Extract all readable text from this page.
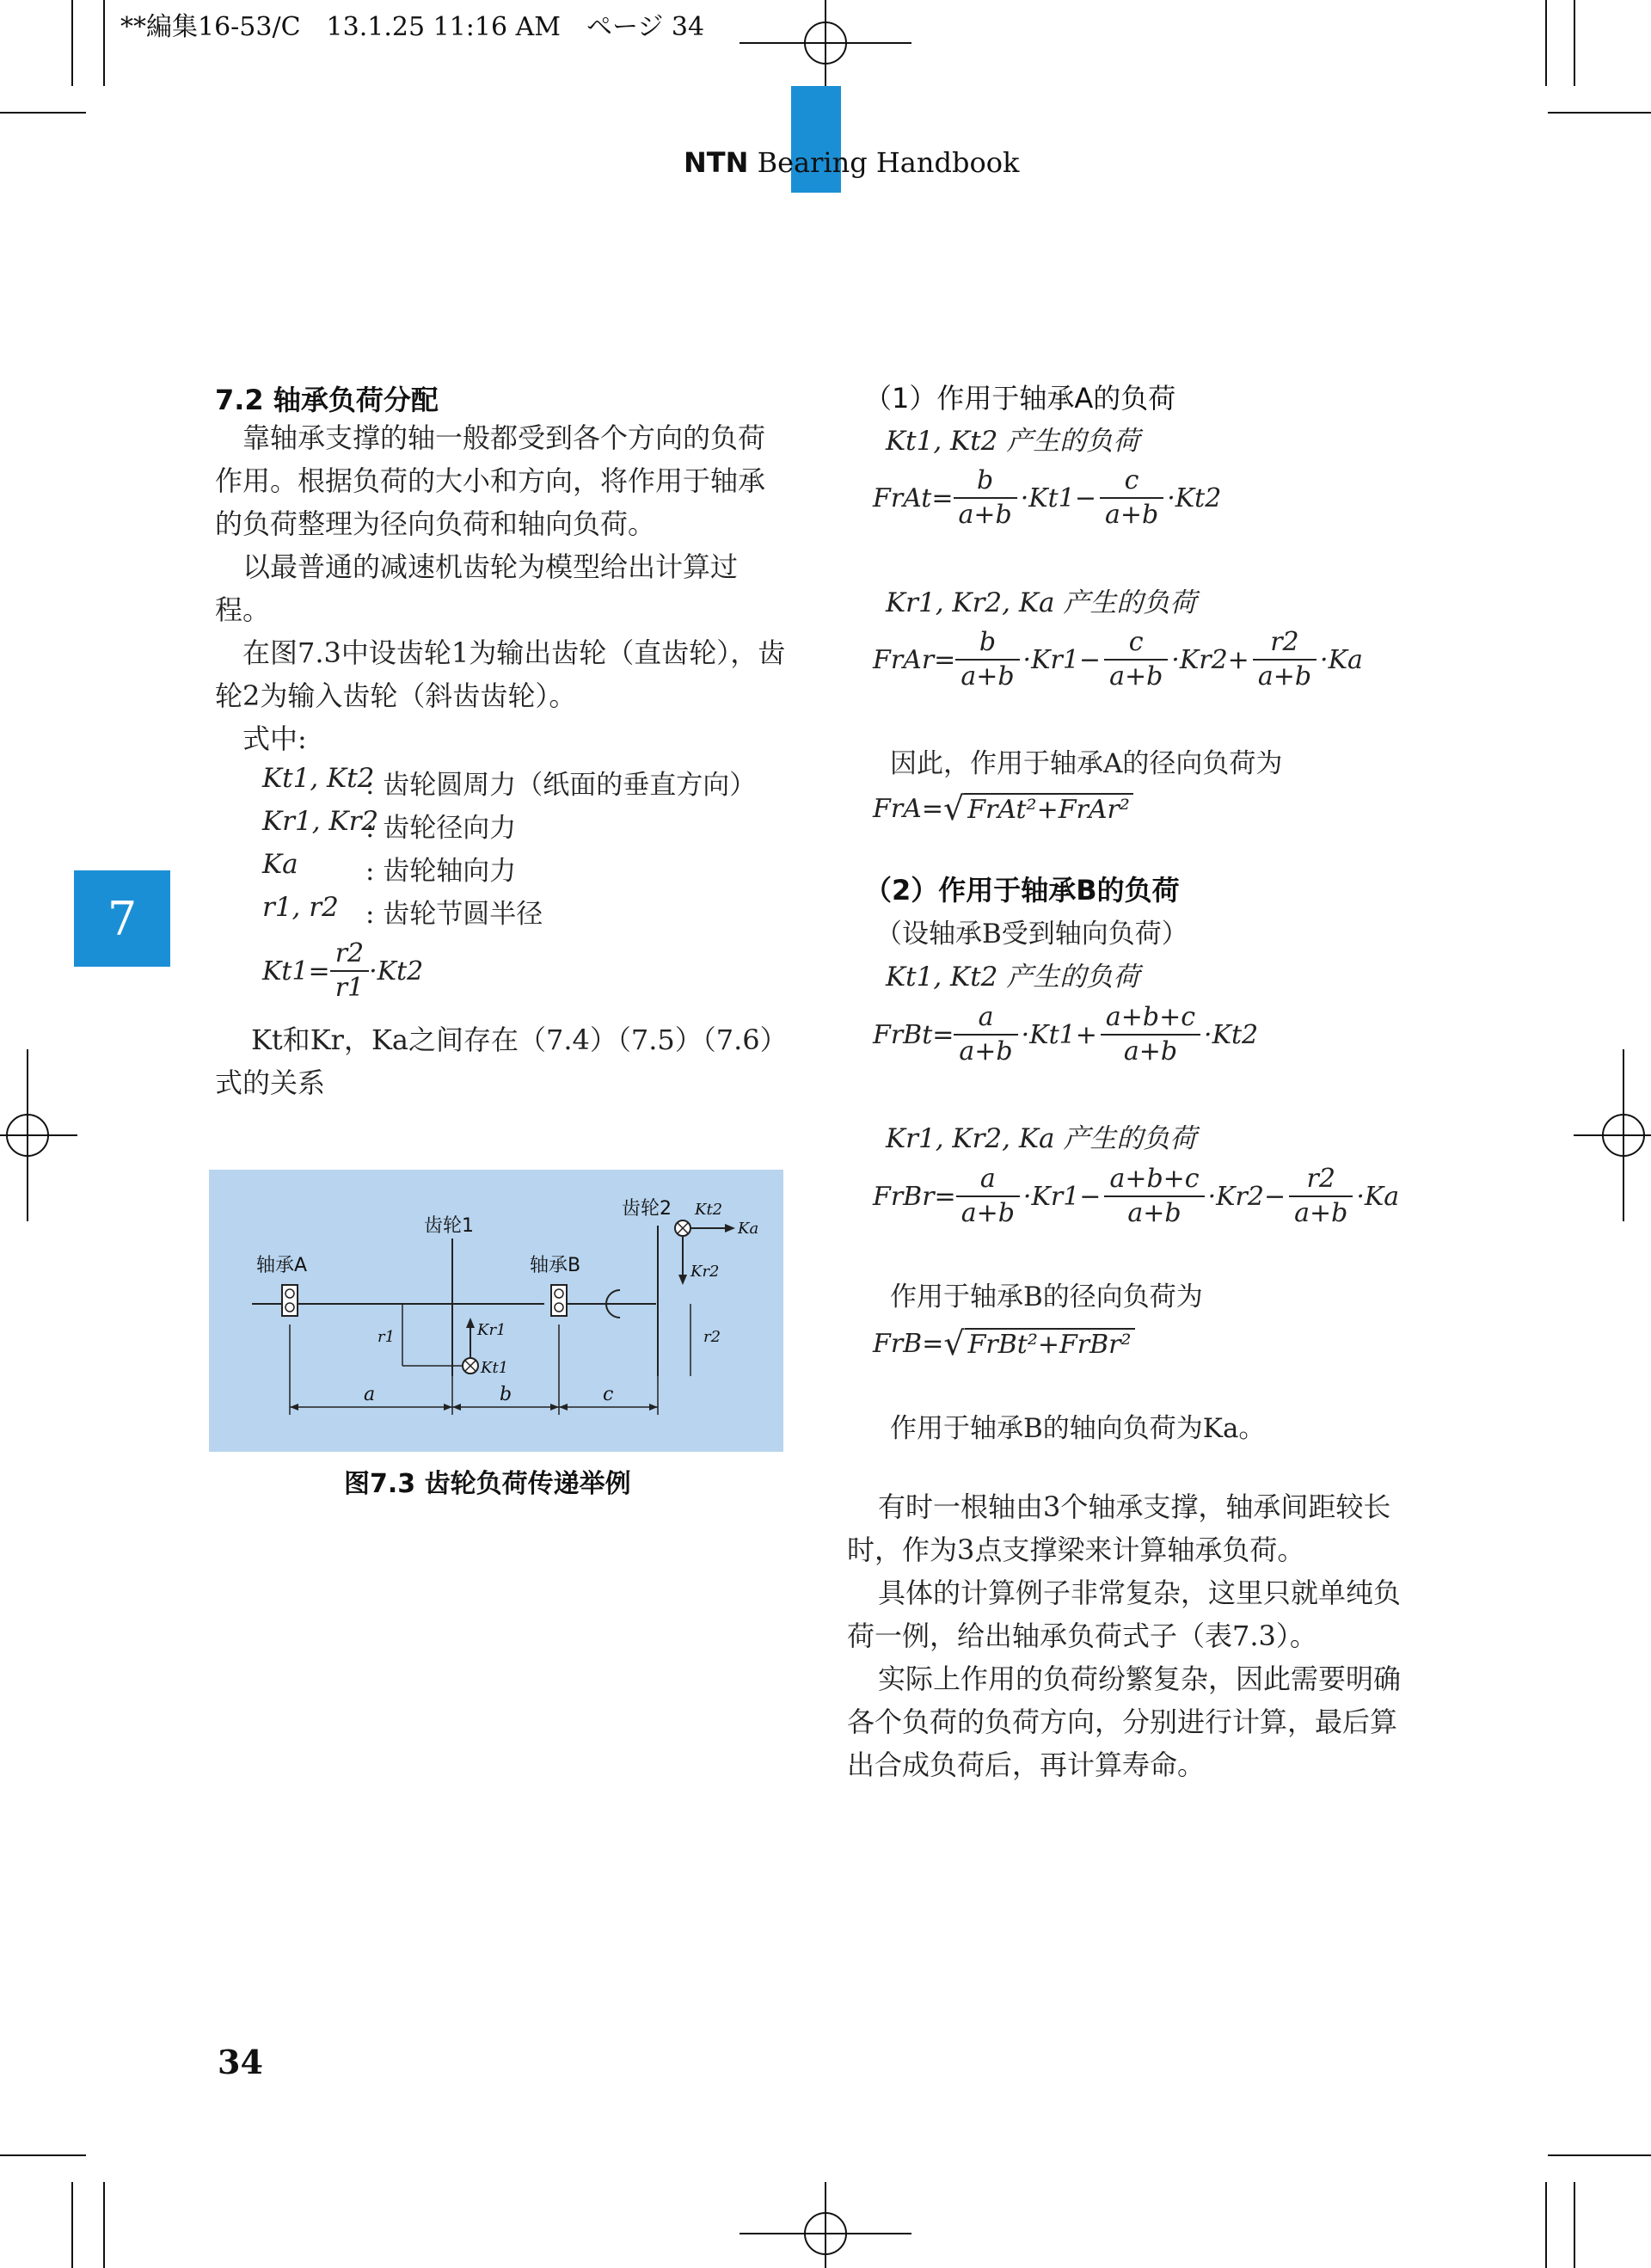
**編集16-53/C　13.1.25 11:16 AM　ページ 34
NTN Bearing Handbook
7
7.2 轴承负荷分配
靠轴承支撑的轴一般都受到各个方向的负荷作用。根据负荷的大小和方向，将作用于轴承的负荷整理为径向负荷和轴向负荷。
以最普通的减速机齿轮为模型给出计算过程。
在图7.3中设齿轮1为输出齿轮（直齿轮），齿轮2为输入齿轮（斜齿齿轮）。
式中:
Kt1, Kt2
: 齿轮圆周力（纸面的垂直方向）
Kr1, Kr2
: 齿轮径向力
Ka	: 齿轮轴向力
r1, r2 : 齿轮节圆半径
$Kt1= \frac{r2}{r1} \cdot Kt2$
Kt和Kr，Ka之间存在（7.4）（7.5）（7.6）式的关系
齿轮1
齿轮2
轴承A	轴承B
Kt2
Ka
Kr2
Kr1
Kt1
r1	r2
a	b	c
图7.3 齿轮负荷传递举例
（1）作用于轴承A的负荷
Kt1, Kt2 产生的负荷
FrAt= $\frac{b}{a+b} \cdot Kt1- \frac{c}{a+b} \cdot Kt2$
Kr1, Kr2, Ka 产生的负荷
FrAr= $\frac{b}{a+b} \cdot Kr1- \frac{c}{a+b} \cdot Kr2+ \frac{r2}{a+b} \cdot Ka$
因此，作用于轴承A的径向负荷为
FrA= √ FrAt²+FrAr²
（2）作用于轴承B的负荷
（设轴承B受到轴向负荷）
Kt1, Kt2 产生的负荷
FrBt= $\frac{a}{a+b} \cdot Kt1+ \frac{a+b+c}{a+b} \cdot Kt2$
Kr1, Kr2, Ka 产生的负荷
FrBr= $\frac{a}{a+b} \cdot Kr1- \frac{a+b+c}{a+b} \cdot Kr2- \frac{r2}{a+b} \cdot Ka$
作用于轴承B的径向负荷为
FrB= √ FrBt²+FrBr²
作用于轴承B的轴向负荷为Ka。
有时一根轴由3个轴承支撑，轴承间距较长时，作为3点支撑梁来计算轴承负荷。
具体的计算例子非常复杂，这里只就单纯负荷一例，给出轴承负荷式子（表7.3）。
实际上作用的负荷纷繁复杂，因此需要明确各个负荷的负荷方向，分别进行计算，最后算出合成负荷后，再计算寿命。
34
